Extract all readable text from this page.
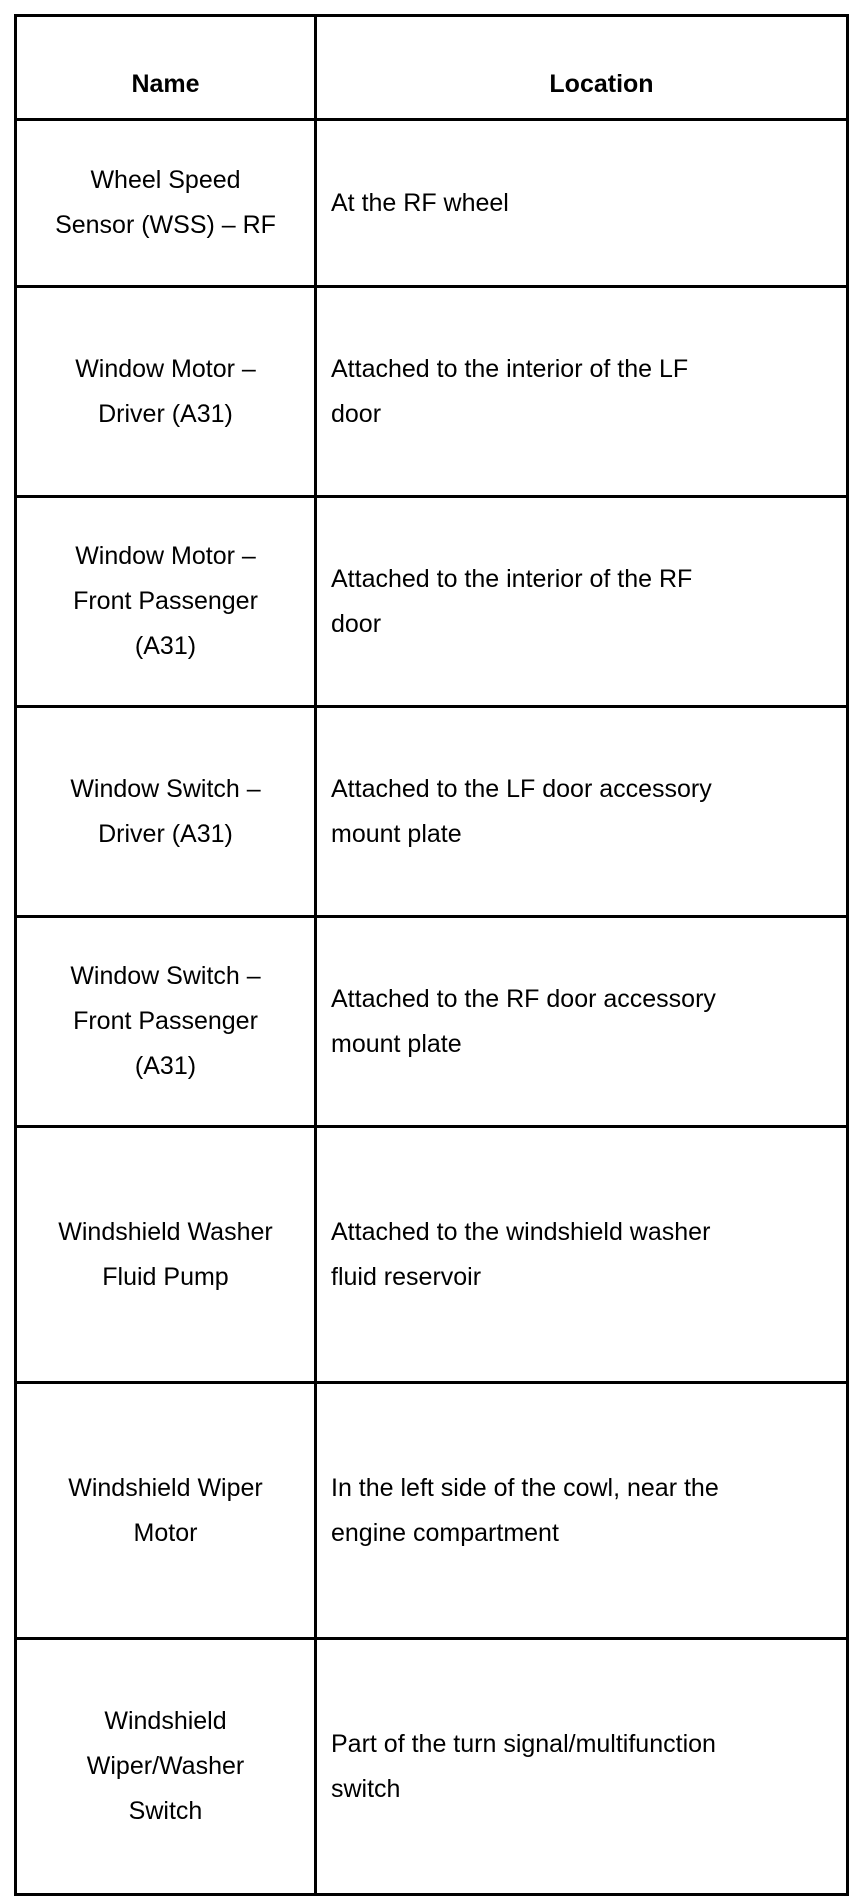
Name	Location

Wheel Speed
Sensor (WSS) – RF	At the RF wheel

Window Motor –
Driver (A31)	Attached to the interior of the LF
door

Window Motor –
Front Passenger
(A31)	Attached to the interior of the RF
door

Window Switch –
Driver (A31)	Attached to the LF door accessory
mount plate

Window Switch –
Front Passenger
(A31)	Attached to the RF door accessory
mount plate

Windshield Washer
Fluid Pump	Attached to the windshield washer
fluid reservoir

Windshield Wiper
Motor	In the left side of the cowl, near the
engine compartment

Windshield
Wiper/Washer
Switch	Part of the turn signal/multifunction
switch
